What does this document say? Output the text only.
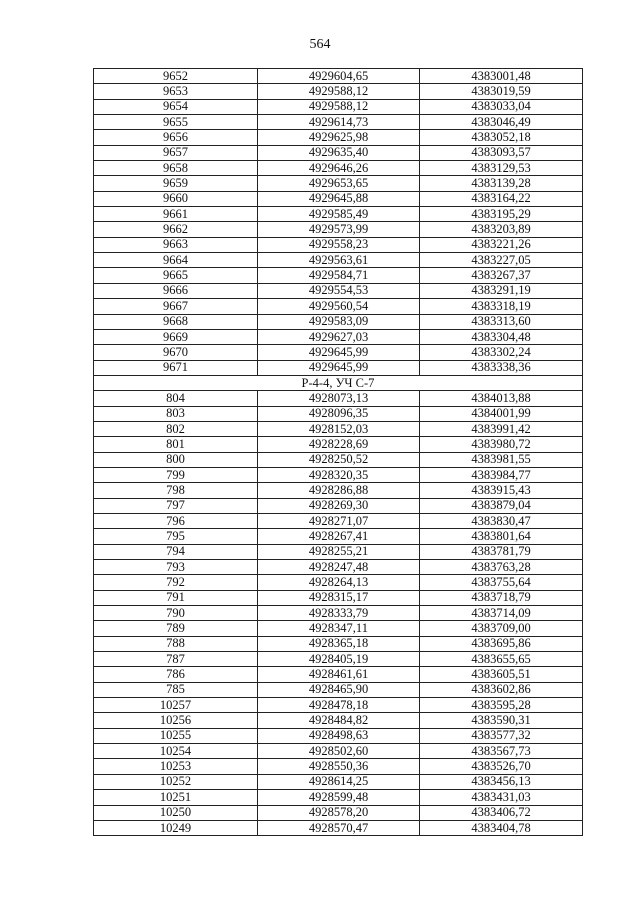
564
9652	4929604,65	4383001,48
9653	4929588,12	4383019,59
9654	4929588,12	4383033,04
9655	4929614,73	4383046,49
9656	4929625,98	4383052,18
9657	4929635,40	4383093,57
9658	4929646,26	4383129,53
9659	4929653,65	4383139,28
9660	4929645,88	4383164,22
9661	4929585,49	4383195,29
9662	4929573,99	4383203,89
9663	4929558,23	4383221,26
9664	4929563,61	4383227,05
9665	4929584,71	4383267,37
9666	4929554,53	4383291,19
9667	4929560,54	4383318,19
9668	4929583,09	4383313,60
9669	4929627,03	4383304,48
9670	4929645,99	4383302,24
9671	4929645,99	4383338,36
Р-4-4, УЧ С-7		
804	4928073,13	4384013,88
803	4928096,35	4384001,99
802	4928152,03	4383991,42
801	4928228,69	4383980,72
800	4928250,52	4383981,55
799	4928320,35	4383984,77
798	4928286,88	4383915,43
797	4928269,30	4383879,04
796	4928271,07	4383830,47
795	4928267,41	4383801,64
794	4928255,21	4383781,79
793	4928247,48	4383763,28
792	4928264,13	4383755,64
791	4928315,17	4383718,79
790	4928333,79	4383714,09
789	4928347,11	4383709,00
788	4928365,18	4383695,86
787	4928405,19	4383655,65
786	4928461,61	4383605,51
785	4928465,90	4383602,86
10257	4928478,18	4383595,28
10256	4928484,82	4383590,31
10255	4928498,63	4383577,32
10254	4928502,60	4383567,73
10253	4928550,36	4383526,70
10252	4928614,25	4383456,13
10251	4928599,48	4383431,03
10250	4928578,20	4383406,72
10249	4928570,47	4383404,78
